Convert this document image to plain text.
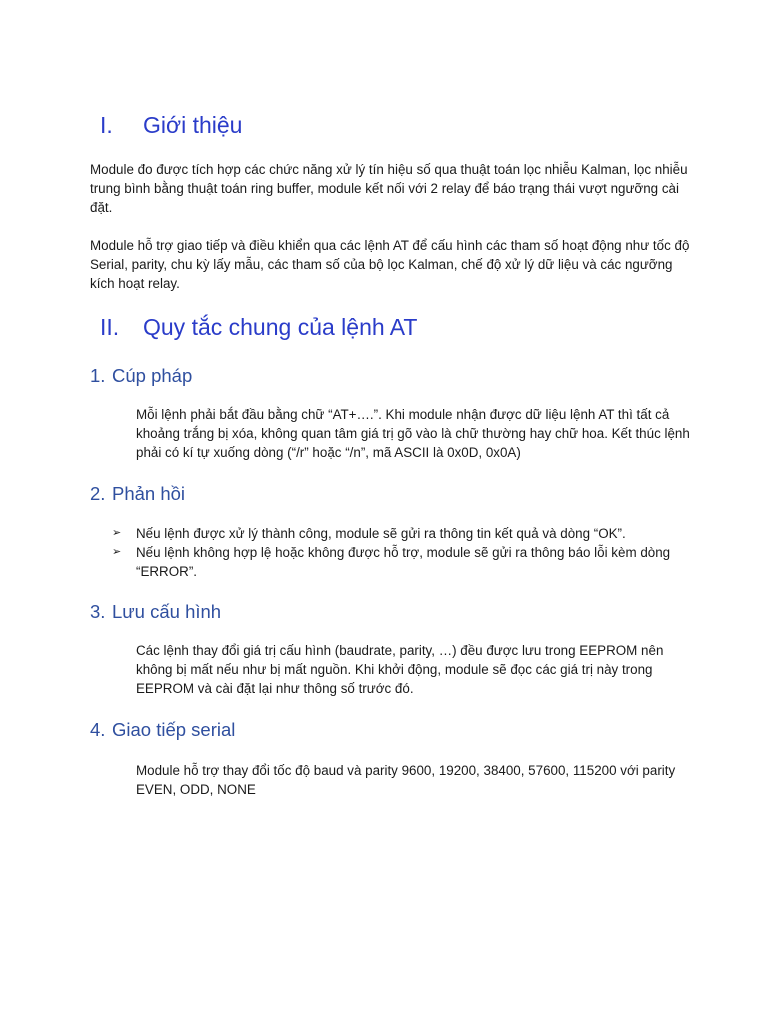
I. Giới thiệu

Module đo được tích hợp các chức năng xử lý tín hiệu số qua thuật toán lọc nhiễu Kalman, lọc nhiễu trung bình bằng thuật toán ring buffer, module kết nối với 2 relay để báo trạng thái vượt ngưỡng cài đặt.

Module hỗ trợ giao tiếp và điều khiển qua các lệnh AT để cấu hình các tham số hoạt động như tốc độ Serial, parity, chu kỳ lấy mẫu, các tham số của bộ lọc Kalman, chế độ xử lý dữ liệu và các ngưỡng kích hoạt relay.

II. Quy tắc chung của lệnh AT
1. Cúp pháp

Mỗi lệnh phải bắt đầu bằng chữ “AT+….”. Khi module nhận được dữ liệu lệnh AT thì tất cả khoảng trắng bị xóa, không quan tâm giá trị gõ vào là chữ thường hay chữ hoa. Kết thúc lệnh phải có kí tự xuống dòng (“/r” hoặc “/n”, mã ASCII là 0x0D, 0x0A)

2. Phản hồi
➢ Nếu lệnh được xử lý thành công, module sẽ gửi ra thông tin kết quả và dòng “OK”.
➢ Nếu lệnh không hợp lệ hoặc không được hỗ trợ, module sẽ gửi ra thông báo lỗi kèm dòng “ERROR”.
3. Lưu cấu hình

Các lệnh thay đổi giá trị cấu hình (baudrate, parity, …) đều được lưu trong EEPROM nên không bị mất nếu như bị mất nguồn. Khi khởi động, module sẽ đọc các giá trị này trong EEPROM và cài đặt lại như thông số trước đó.

4. Giao tiếp serial

Module hỗ trợ thay đổi tốc độ baud và parity 9600, 19200, 38400, 57600, 115200 với parity EVEN, ODD, NONE
